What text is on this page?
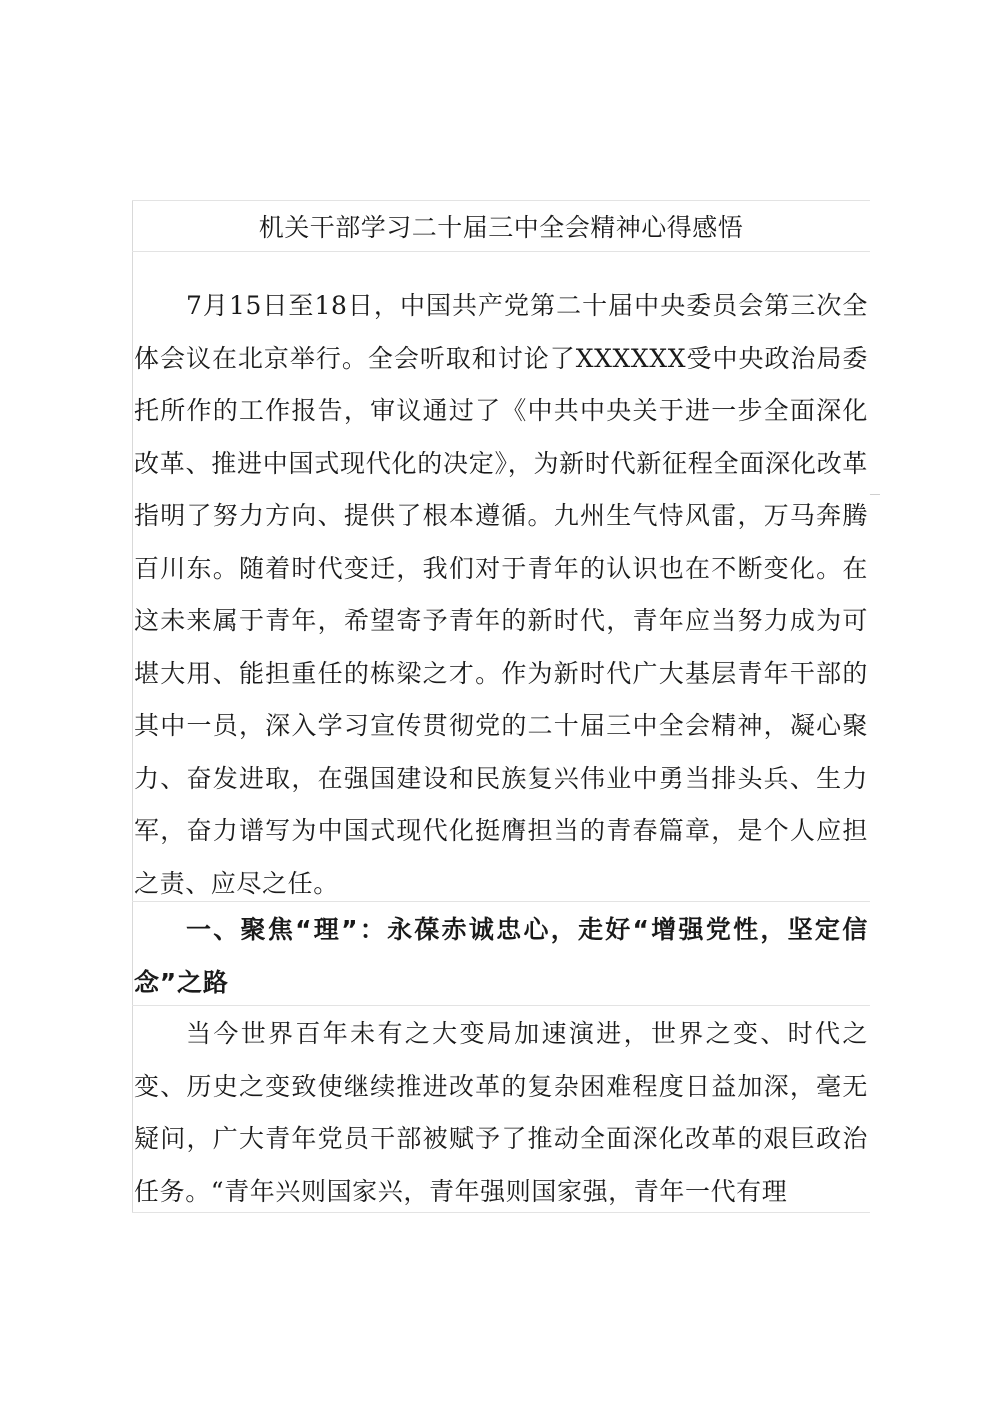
机关干部学习二十届三中全会精神心得感悟

7月15日至18日，中国共产党第二十届中央委员会第三次全体会议在北京举行。全会听取和讨论了XXXXXX受中央政治局委托所作的工作报告，审议通过了《中共中央关于进一步全面深化改革、推进中国式现代化的决定》，为新时代新征程全面深化改革指明了努力方向、提供了根本遵循。九州生气恃风雷，万马奔腾百川东。随着时代变迁，我们对于青年的认识也在不断变化。在这未来属于青年，希望寄予青年的新时代，青年应当努力成为可堪大用、能担重任的栋梁之才。作为新时代广大基层青年干部的其中一员，深入学习宣传贯彻党的二十届三中全会精神，凝心聚力、奋发进取，在强国建设和民族复兴伟业中勇当排头兵、生力军，奋力谱写为中国式现代化挺膺担当的青春篇章，是个人应担之责、应尽之任。

一、聚焦“理”：永葆赤诚忠心，走好“增强党性，坚定信念”之路

当今世界百年未有之大变局加速演进，世界之变、时代之变、历史之变致使继续推进改革的复杂困难程度日益加深，毫无疑问，广大青年党员干部被赋予了推动全面深化改革的艰巨政治任务。“青年兴则国家兴，青年强则国家强，青年一代有理
